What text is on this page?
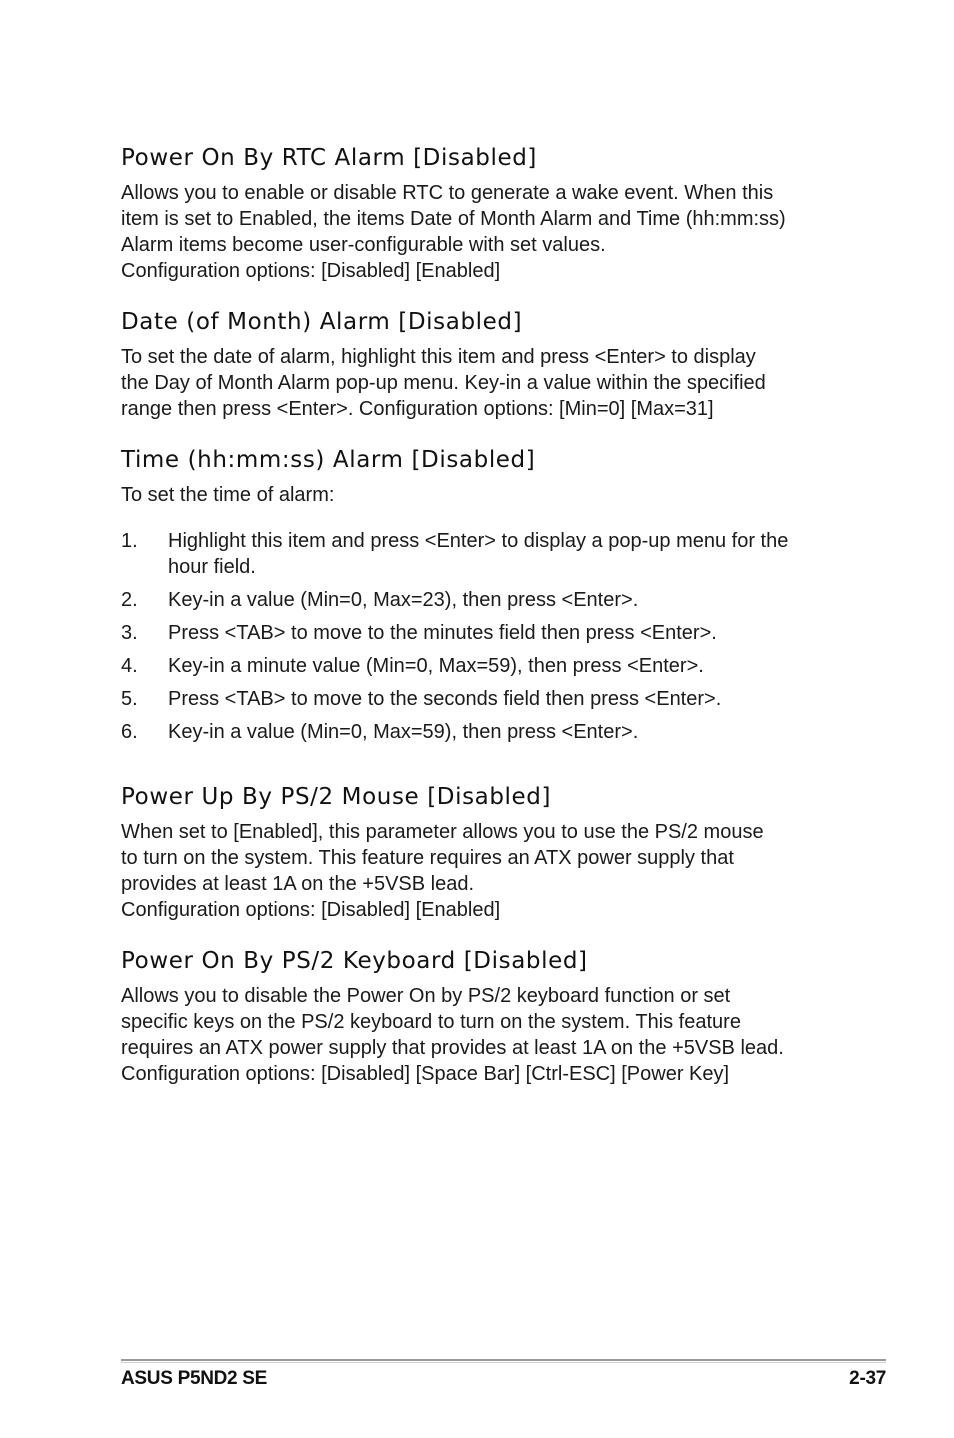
Power On By RTC Alarm [Disabled]

Allows you to enable or disable RTC to generate a wake event. When this
item is set to Enabled, the items Date of Month Alarm and Time (hh:mm:ss)
Alarm items become user-configurable with set values.
Configuration options: [Disabled] [Enabled]

Date (of Month) Alarm [Disabled]

To set the date of alarm, highlight this item and press <Enter> to display
the Day of Month Alarm pop-up menu. Key-in a value within the specified
range then press <Enter>. Configuration options: [Min=0] [Max=31]

Time (hh:mm:ss) Alarm [Disabled]

To set the time of alarm:

1.	Highlight this item and press <Enter> to display a pop-up menu for the
hour field.
2.	Key-in a value (Min=0, Max=23), then press <Enter>.
3.	Press <TAB> to move to the minutes field then press <Enter>.
4.	Key-in a minute value (Min=0, Max=59), then press <Enter>.
5.	Press <TAB> to move to the seconds field then press <Enter>.
6.	Key-in a value (Min=0, Max=59), then press <Enter>.
Power Up By PS/2 Mouse [Disabled]

When set to [Enabled], this parameter allows you to use the PS/2 mouse
to turn on the system. This feature requires an ATX power supply that
provides at least 1A on the +5VSB lead.
Configuration options: [Disabled] [Enabled]

Power On By PS/2 Keyboard [Disabled]

Allows you to disable the Power On by PS/2 keyboard function or set
specific keys on the PS/2 keyboard to turn on the system. This feature
requires an ATX power supply that provides at least 1A on the +5VSB lead.
Configuration options: [Disabled] [Space Bar] [Ctrl-ESC] [Power Key]

ASUS P5ND2 SE	2-37
